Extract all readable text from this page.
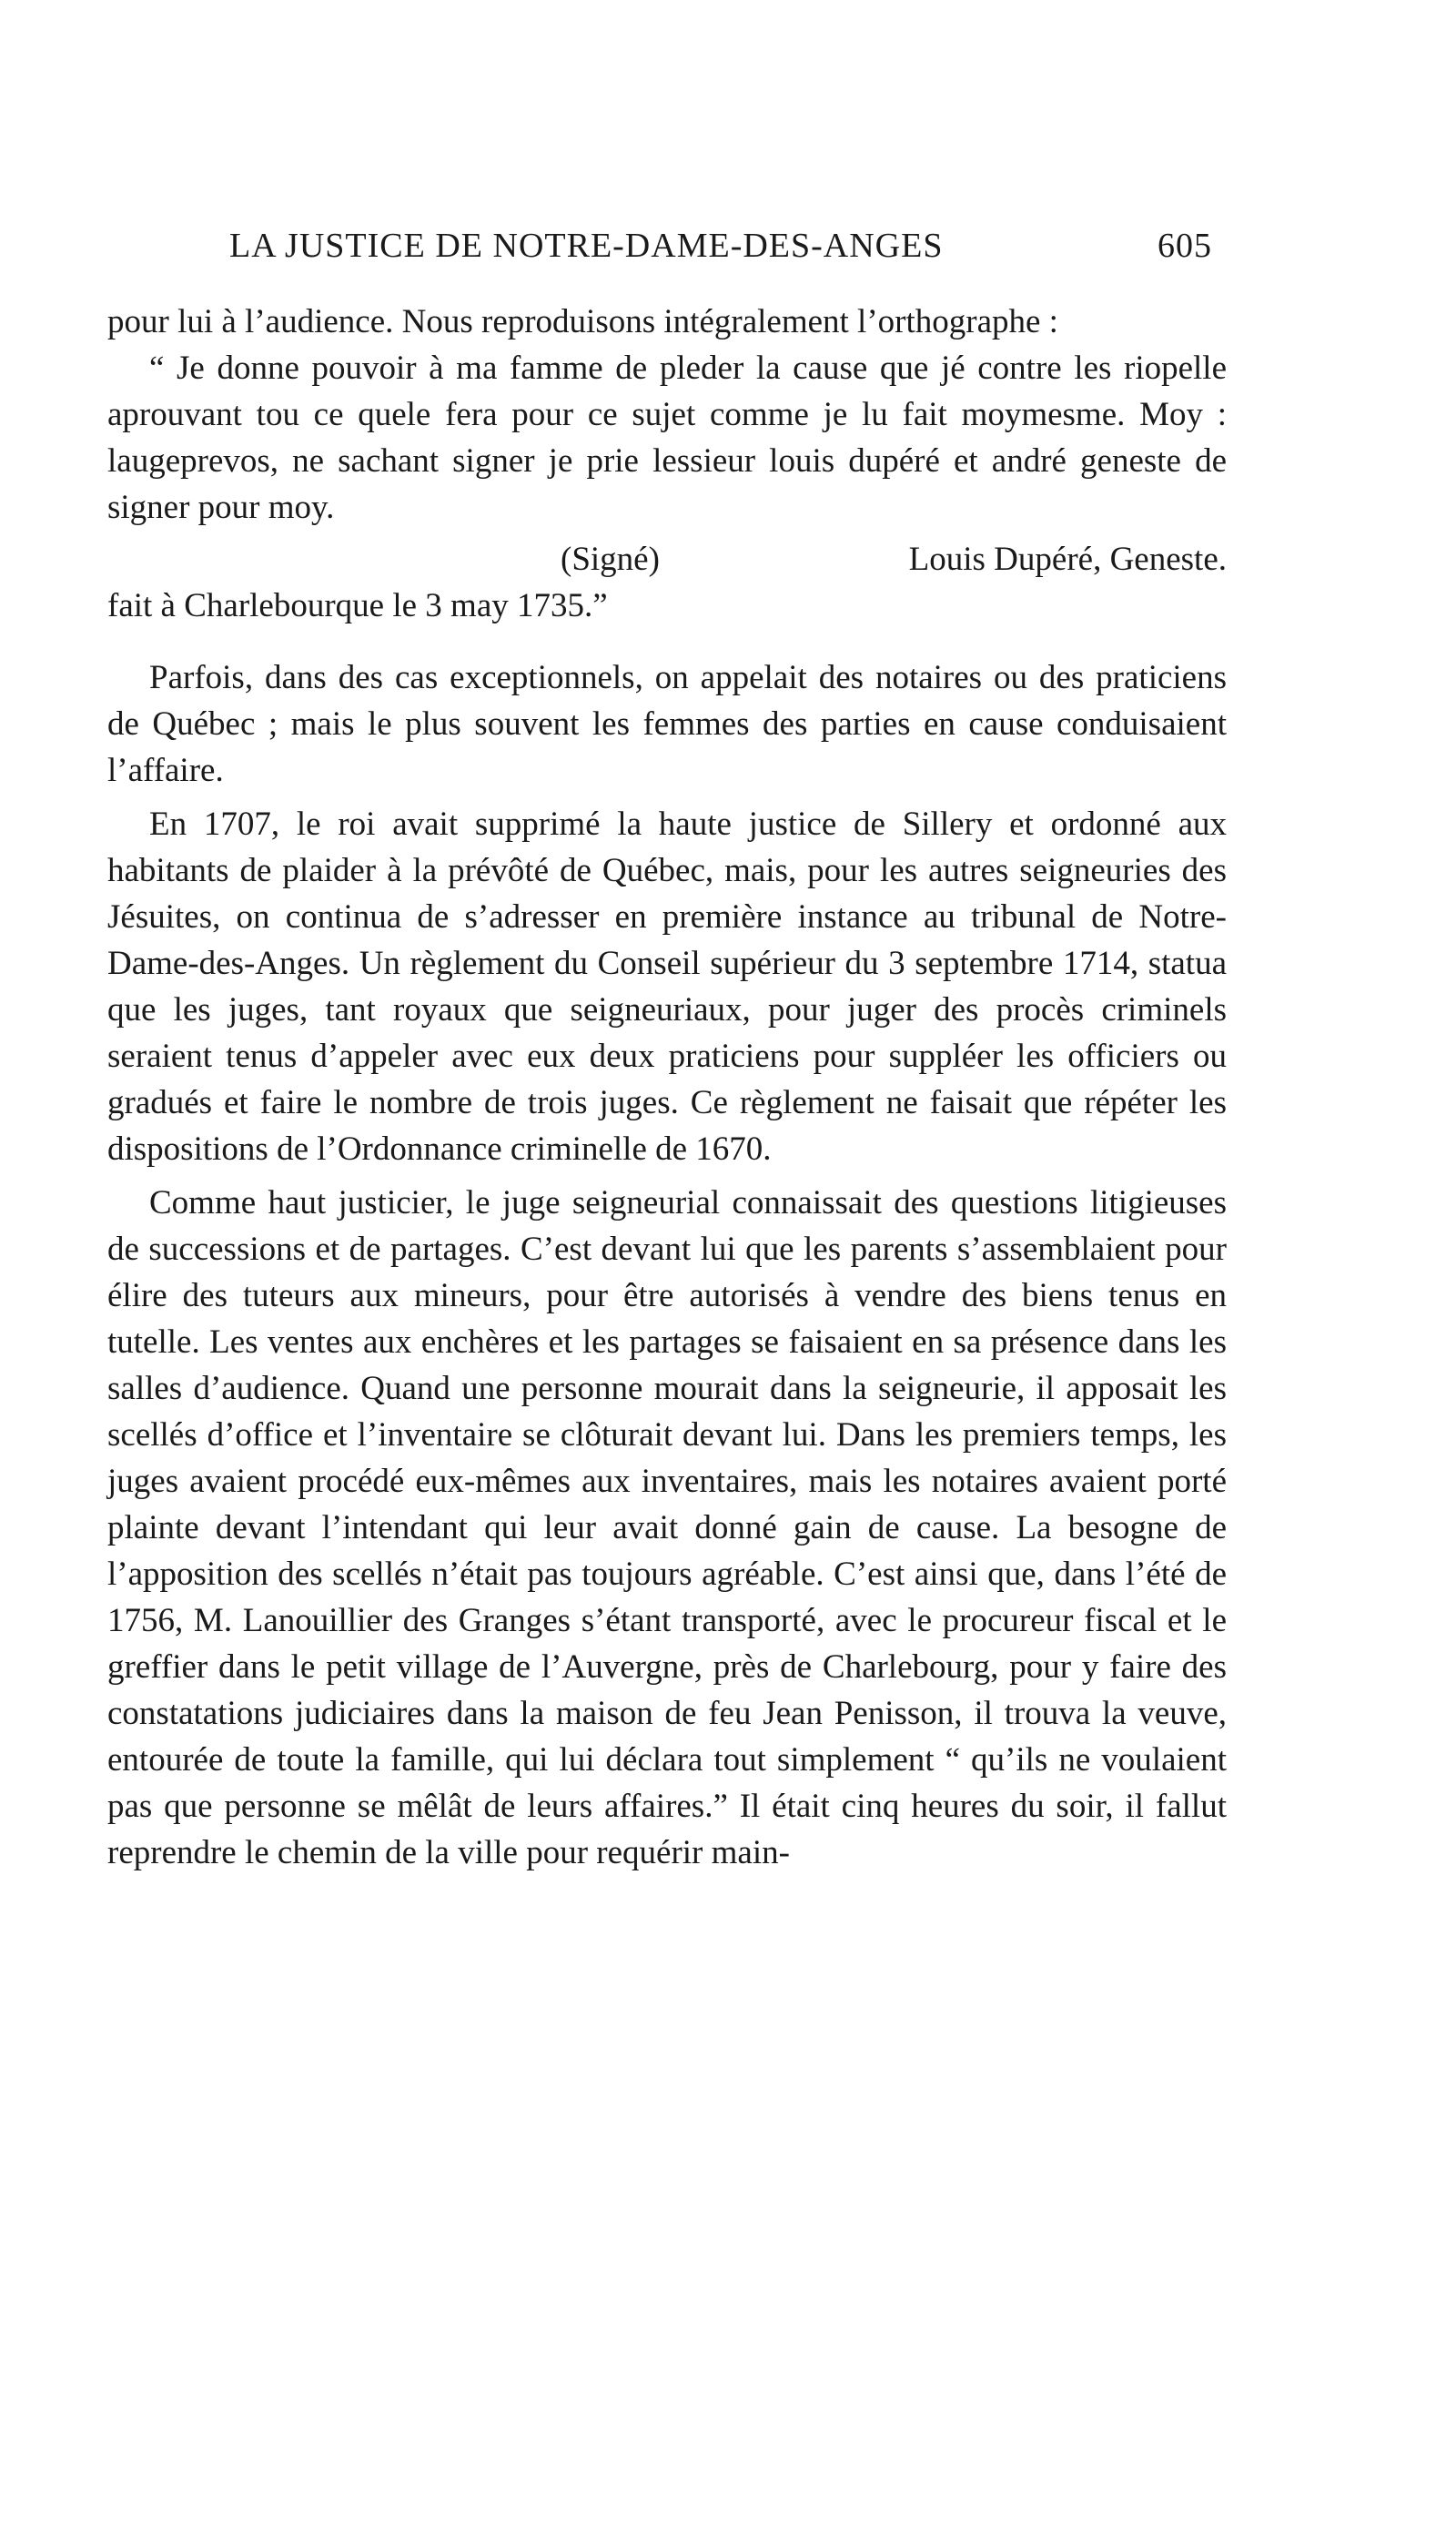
LA JUSTICE DE NOTRE-DAME-DES-ANGES	605

pour lui à l’audience. Nous reproduisons intégralement l’orthographe :

“ Je donne pouvoir à ma famme de pleder la cause que jé contre les riopelle aprouvant tou ce quele fera pour ce sujet comme je lu fait moymesme. Moy : laugeprevos, ne sachant signer je prie lessieur louis dupéré et andré geneste de signer pour moy.

(Signé)	Louis Dupéré, Geneste.

fait à Charlebourque le 3 may 1735.”

Parfois, dans des cas exceptionnels, on appelait des notaires ou des praticiens de Québec ; mais le plus souvent les femmes des parties en cause conduisaient l’affaire.

En 1707, le roi avait supprimé la haute justice de Sillery et ordonné aux habitants de plaider à la prévôté de Québec, mais, pour les autres seigneuries des Jésuites, on continua de s’adresser en première instance au tribunal de Notre-Dame-des-Anges. Un règlement du Conseil supérieur du 3 septembre 1714, statua que les juges, tant royaux que seigneuriaux, pour juger des procès criminels seraient tenus d’appeler avec eux deux praticiens pour suppléer les officiers ou gradués et faire le nombre de trois juges. Ce règlement ne faisait que répéter les dispositions de l’Ordonnance criminelle de 1670.

Comme haut justicier, le juge seigneurial connaissait des questions litigieuses de successions et de partages. C’est devant lui que les parents s’assemblaient pour élire des tuteurs aux mineurs, pour être autorisés à vendre des biens tenus en tutelle. Les ventes aux enchères et les partages se faisaient en sa présence dans les salles d’audience. Quand une personne mourait dans la seigneurie, il apposait les scellés d’office et l’inventaire se clôturait devant lui. Dans les premiers temps, les juges avaient procédé eux-mêmes aux inventaires, mais les notaires avaient porté plainte devant l’intendant qui leur avait donné gain de cause. La besogne de l’apposition des scellés n’était pas toujours agréable. C’est ainsi que, dans l’été de 1756, M. Lanouillier des Granges s’étant transporté, avec le procureur fiscal et le greffier dans le petit village de l’Auvergne, près de Charlebourg, pour y faire des constatations judiciaires dans la maison de feu Jean Penisson, il trouva la veuve, entourée de toute la famille, qui lui déclara tout simplement “ qu’ils ne voulaient pas que personne se mêlât de leurs affaires.” Il était cinq heures du soir, il fallut reprendre le chemin de la ville pour requérir main-
